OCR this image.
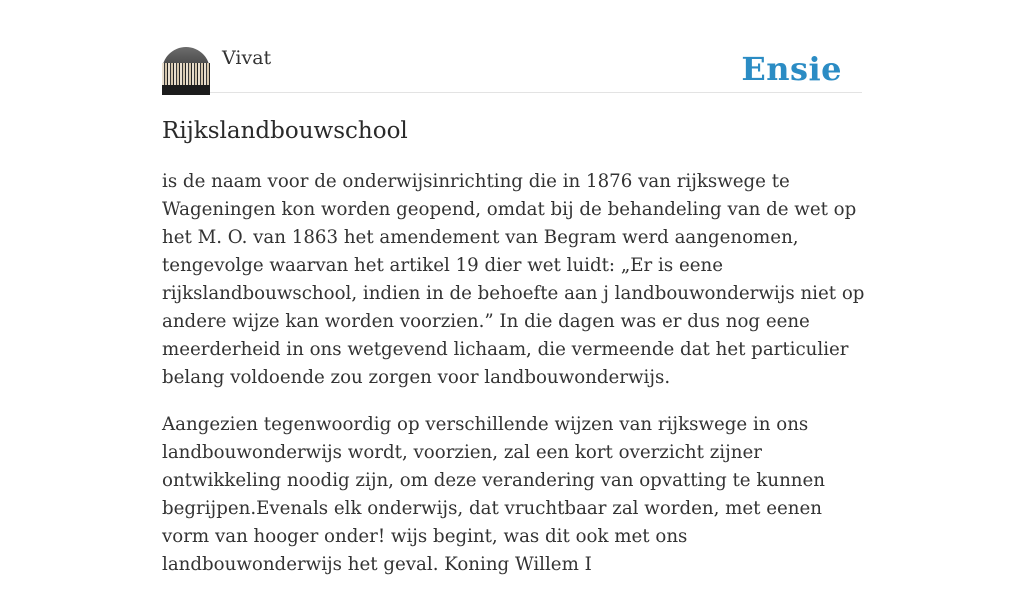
Vivat	Ensie
Rijkslandbouwschool

is de naam voor de onderwijsinrichting die in 1876 van rijkswege te Wageningen kon worden geopend, omdat bij de behandeling van de wet op het M. O. van 1863 het amendement van Begram werd aangenomen, tengevolge waarvan het artikel 19 dier wet luidt: „Er is eene rijkslandbouwschool, indien in de behoefte aan j landbouwonderwijs niet op andere wijze kan worden voorzien.” In die dagen was er dus nog eene meerderheid in ons wetgevend lichaam, die vermeende dat het particulier belang voldoende zou zorgen voor landbouwonderwijs.

Aangezien tegenwoordig op verschillende wijzen van rijkswege in ons landbouwonderwijs wordt, voorzien, zal een kort overzicht zijner ontwikkeling noodig zijn, om deze verandering van opvatting te kunnen begrijpen.Evenals elk onderwijs, dat vruchtbaar zal worden, met eenen vorm van hooger onder! wijs begint, was dit ook met ons landbouwonderwijs het geval. Koning Willem I
